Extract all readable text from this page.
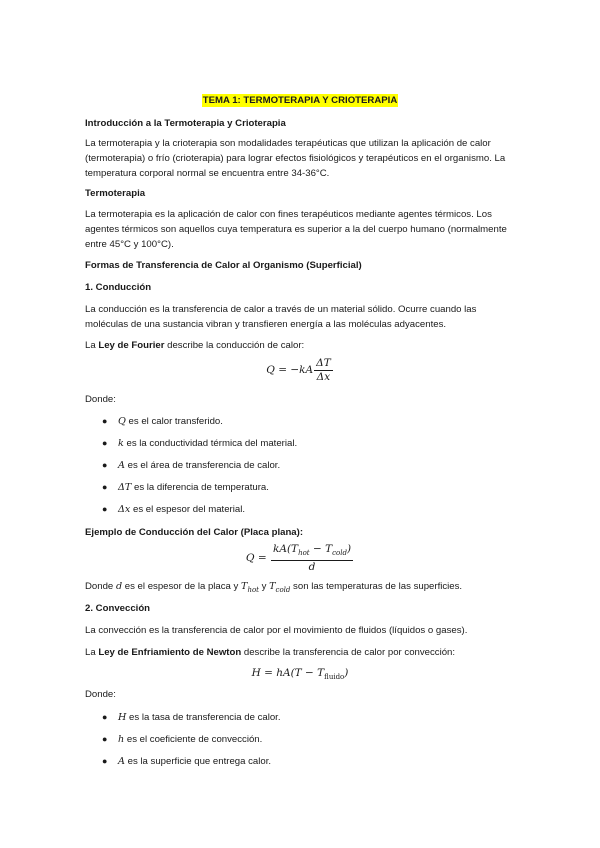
TEMA 1: TERMOTERAPIA Y CRIOTERAPIA

Introducción a la Termoterapia y Crioterapia

La termoterapia y la crioterapia son modalidades terapéuticas que utilizan la aplicación de calor (termoterapia) o frío (crioterapia) para lograr efectos fisiológicos y terapéuticos en el organismo. La temperatura corporal normal se encuentra entre 34-36°C.

Termoterapia

La termoterapia es la aplicación de calor con fines terapéuticos mediante agentes térmicos. Los agentes térmicos son aquellos cuya temperatura es superior a la del cuerpo humano (normalmente entre 45°C y 100°C).

Formas de Transferencia de Calor al Organismo (Superficial)

1. Conducción

La conducción es la transferencia de calor a través de un material sólido. Ocurre cuando las moléculas de una sustancia vibran y transfieren energía a las moléculas adyacentes.

La Ley de Fourier describe la conducción de calor:

$Q = -kA \frac{\Delta T}{\Delta x}$

Donde:

●	Q es el calor transferido.
●	k es la conductividad térmica del material.
●	A es el área de transferencia de calor.
●	ΔT es la diferencia de temperatura.
●	Δx es el espesor del material.

Ejemplo de Conducción del Calor (Placa plana):

$Q = \frac{kA(T_{hot} - T_{cold})}{d}$

Donde d es el espesor de la placa y $T_{hot}$ y $T_{cold}$ son las temperaturas de las superficies.

2. Convección

La convección es la transferencia de calor por el movimiento de fluidos (líquidos o gases).

La Ley de Enfriamiento de Newton describe la transferencia de calor por convección:

$H = hA(T - T_{fluido})$

Donde:

●	H es la tasa de transferencia de calor.
●	h es el coeficiente de convección.
●	A es la superficie que entrega calor.
